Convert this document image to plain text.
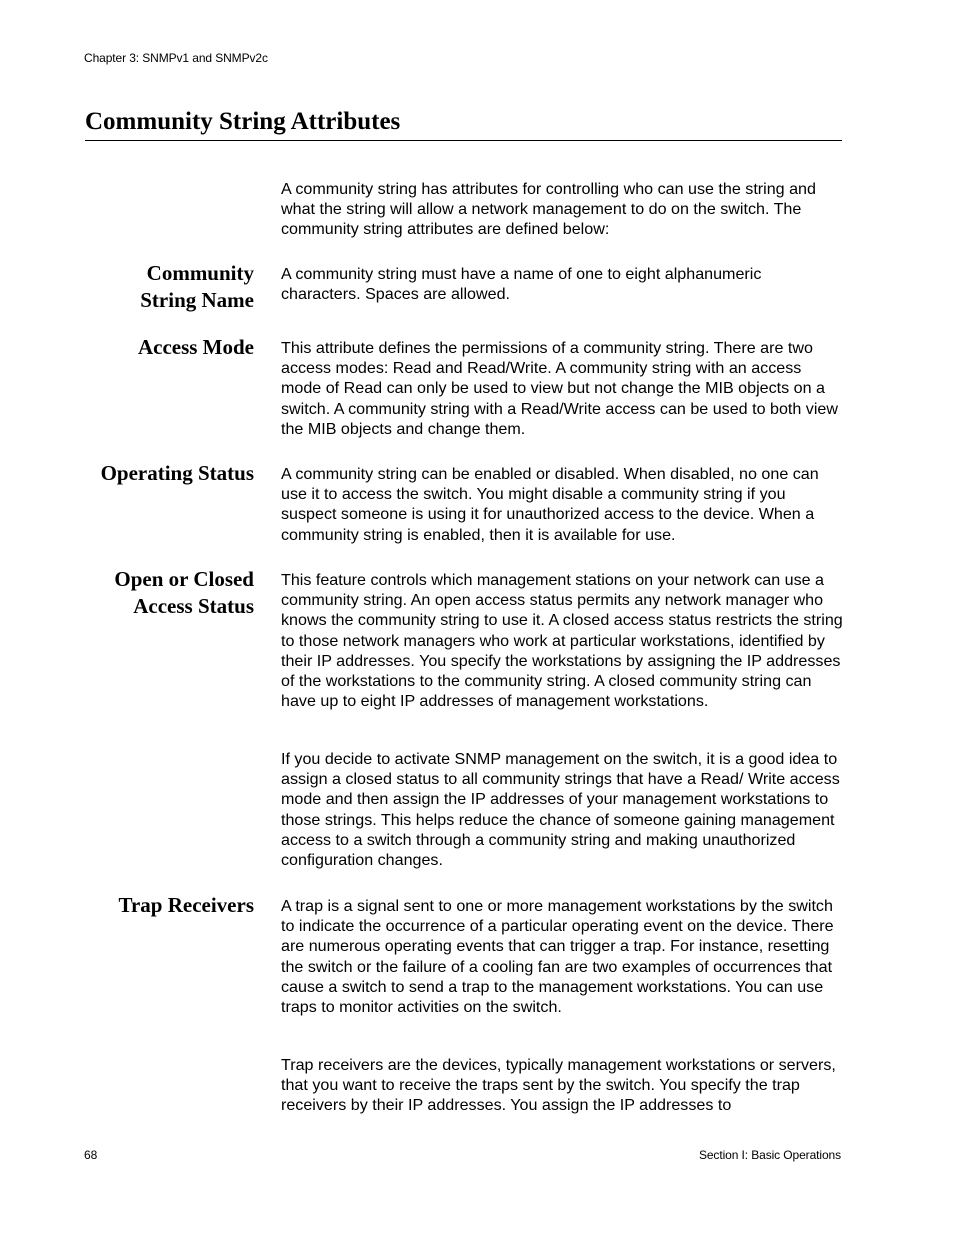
Chapter 3: SNMPv1 and SNMPv2c
Community String Attributes

A community string has attributes for controlling who can use the string and what the string will allow a network management to do on the switch. The community string attributes are defined below:

Community
String Name

A community string must have a name of one to eight alphanumeric characters. Spaces are allowed.

Access Mode This attribute defines the permissions of a community string. There are two access modes: Read and Read/Write. A community string with an access mode of Read can only be used to view but not change the MIB objects on a switch. A community string with a Read/Write access can be used to both view the MIB objects and change them.

Operating Status A community string can be enabled or disabled. When disabled, no one can use it to access the switch. You might disable a community string if you suspect someone is using it for unauthorized access to the device. When a community string is enabled, then it is available for use.

Open or Closed
Access Status

This feature controls which management stations on your network can use a community string. An open access status permits any network manager who knows the community string to use it. A closed access status restricts the string to those network managers who work at particular workstations, identified by their IP addresses. You specify the workstations by assigning the IP addresses of the workstations to the community string. A closed community string can have up to eight IP addresses of management workstations.

If you decide to activate SNMP management on the switch, it is a good idea to assign a closed status to all community strings that have a Read/ Write access mode and then assign the IP addresses of your management workstations to those strings. This helps reduce the chance of someone gaining management access to a switch through a community string and making unauthorized configuration changes.

Trap Receivers A trap is a signal sent to one or more management workstations by the switch to indicate the occurrence of a particular operating event on the device. There are numerous operating events that can trigger a trap. For instance, resetting the switch or the failure of a cooling fan are two examples of occurrences that cause a switch to send a trap to the management workstations. You can use traps to monitor activities on the switch.

Trap receivers are the devices, typically management workstations or servers, that you want to receive the traps sent by the switch. You specify the trap receivers by their IP addresses. You assign the IP addresses to

68	Section I: Basic Operations
